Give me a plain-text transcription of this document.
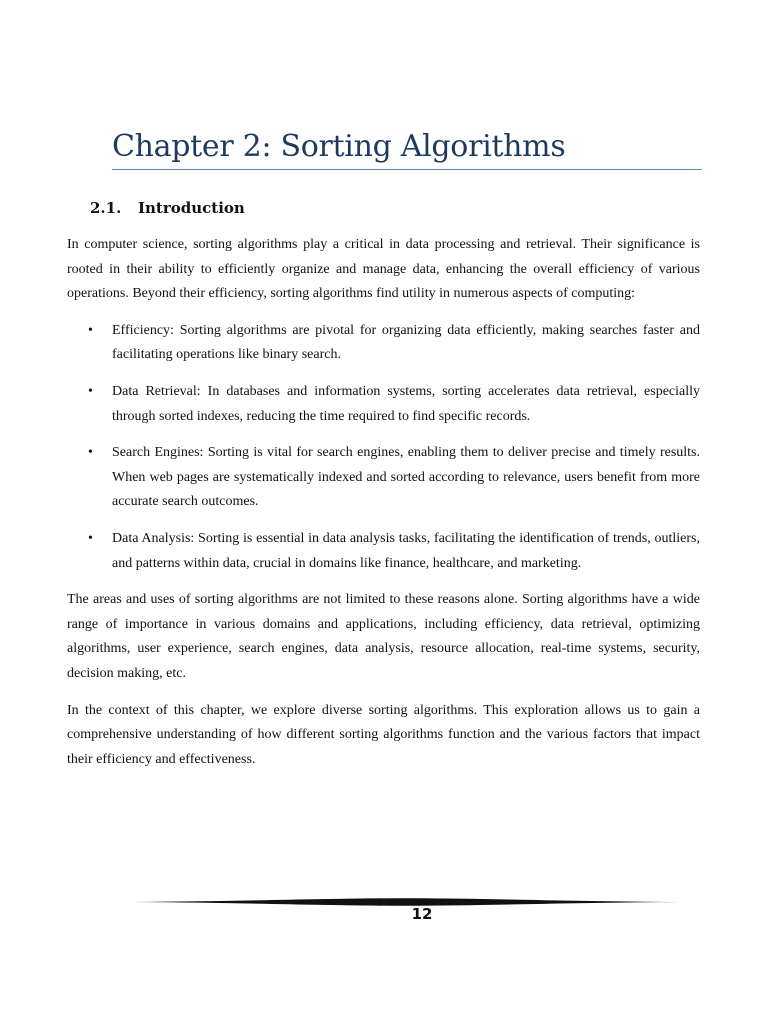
Chapter 2: Sorting Algorithms
2.1. Introduction

In computer science, sorting algorithms play a critical in data processing and retrieval. Their significance is rooted in their ability to efficiently organize and manage data, enhancing the overall efficiency of various operations. Beyond their efficiency, sorting algorithms find utility in numerous aspects of computing:

• Efficiency: Sorting algorithms are pivotal for organizing data efficiently, making searches faster and facilitating operations like binary search.
• Data Retrieval: In databases and information systems, sorting accelerates data retrieval, especially through sorted indexes, reducing the time required to find specific records.
• Search Engines: Sorting is vital for search engines, enabling them to deliver precise and timely results. When web pages are systematically indexed and sorted according to relevance, users benefit from more accurate search outcomes.
• Data Analysis: Sorting is essential in data analysis tasks, facilitating the identification of trends, outliers, and patterns within data, crucial in domains like finance, healthcare, and marketing.

The areas and uses of sorting algorithms are not limited to these reasons alone. Sorting algorithms have a wide range of importance in various domains and applications, including efficiency, data retrieval, optimizing algorithms, user experience, search engines, data analysis, resource allocation, real-time systems, security, decision making, etc.

In the context of this chapter, we explore diverse sorting algorithms. This exploration allows us to gain a comprehensive understanding of how different sorting algorithms function and the various factors that impact their efficiency and effectiveness.

12
